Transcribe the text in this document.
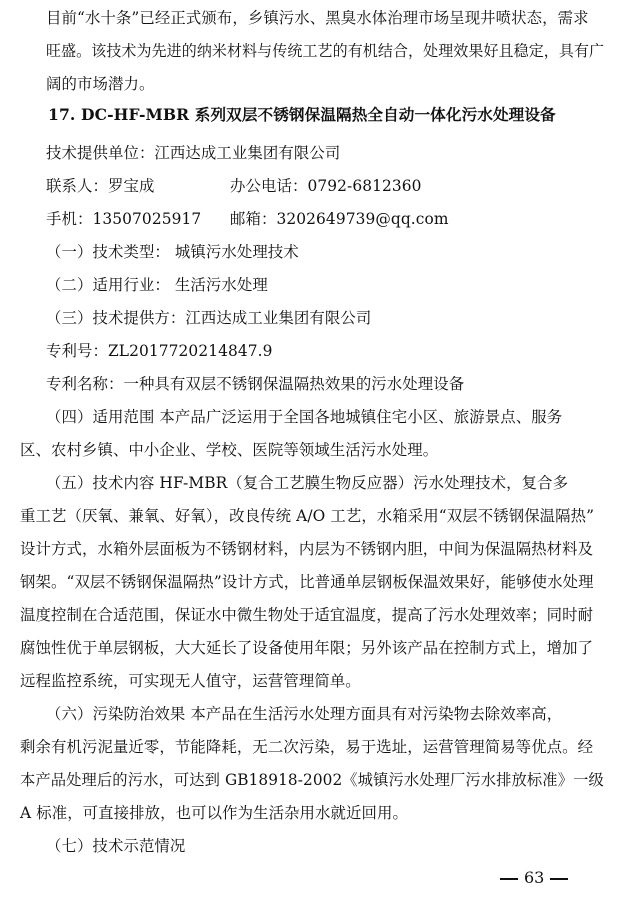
目前“水十条”已经正式颁布，乡镇污水、黑臭水体治理市场呈现井喷状态，需求
旺盛。该技术为先进的纳米材料与传统工艺的有机结合，处理效果好且稳定，具有广
阔的市场潜力。
17. DC-HF-MBR 系列双层不锈钢保温隔热全自动一体化污水处理设备
技术提供单位：江西达成工业集团有限公司
联系人：罗宝成	办公电话：0792-6812360
手机：13507025917 邮箱：3202649739@qq.com
（一）技术类型： 城镇污水处理技术
（二）适用行业： 生活污水处理
（三）技术提供方：江西达成工业集团有限公司
专利号：ZL2017720214847.9
专利名称：一种具有双层不锈钢保温隔热效果的污水处理设备
（四）适用范围 本产品广泛运用于全国各地城镇住宅小区、旅游景点、服务
区、农村乡镇、中小企业、学校、医院等领域生活污水处理。
（五）技术内容 HF-MBR（复合工艺膜生物反应器）污水处理技术，复合多
重工艺（厌氧、兼氧、好氧），改良传统 A/O 工艺，水箱采用“双层不锈钢保温隔热”
设计方式，水箱外层面板为不锈钢材料，内层为不锈钢内胆，中间为保温隔热材料及
钢架。“双层不锈钢保温隔热”设计方式，比普通单层钢板保温效果好，能够使水处理
温度控制在合适范围，保证水中微生物处于适宜温度，提高了污水处理效率；同时耐
腐蚀性优于单层钢板，大大延长了设备使用年限；另外该产品在控制方式上，增加了
远程监控系统，可实现无人值守，运营管理简单。
（六）污染防治效果 本产品在生活污水处理方面具有对污染物去除效率高，
剩余有机污泥量近零，节能降耗，无二次污染，易于选址，运营管理简易等优点。经
本产品处理后的污水，可达到 GB18918-2002《城镇污水处理厂污水排放标准》一级
A 标准，可直接排放，也可以作为生活杂用水就近回用。
（七）技术示范情况
63
